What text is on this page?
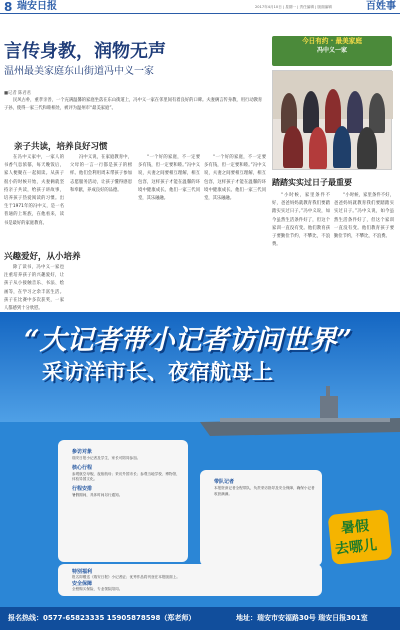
8 瑞安日报	2017年4月10日 | 星期一 | 责任编辑 | 版面编辑	百姓事
言传身教，润物无声
温州最美家庭东山街道冯中义一家
今日有约 · 最美家庭
冯中义一家
■记者 陈君君
民风古朴，重孝亲善，一个充满温馨的家庭坐落在东山街道上，冯中义一家在邻里间有着良好的口碑。夫妻俩言传身教，用行动教育子孙，使得一家三代和睦相处，被评为温州市“最美家庭”。
亲子共读，培养良好习惯

在冯中义家中，一家人的书香气息浓郁，每天晚饭后，家人便聚在一起阅读。从孩子很小的时候开始，夫妻俩就坚持亲子共读，给孩子讲故事，培养孩子热爱阅读的习惯。出生于1971年的冯中义，是一名普通的上班族，在他看来，读书是最好的家庭教育。

兴趣爱好，从小培养

除了读书，冯中义一家也注重培养孩子的兴趣爱好，让孩子从小接触音乐、书法、绘画等，在学习之余丰富生活。孩子在比赛中多次获奖，一家人都感到十分欣慰。

冯中义说，在家庭教育中，父母的一言一行都是孩子的榜样。他们会利用周末带孩子参加志愿服务活动，让孩子懂得感恩和奉献，养成良好的品德。

“一个好的家庭，不一定要多有钱，但一定要和睦。”冯中义说，夫妻之间要相互理解，相互包容，这样孩子才能在温馨的环境中健康成长。他们一家三代同堂，其乐融融。

“一个好的家庭，不一定要多有钱，但一定要和睦。”冯中义说，夫妻之间要相互理解，相互包容，这样孩子才能在温馨的环境中健康成长。他们一家三代同堂，其乐融融。

踏踏实实过日子最重要

“小时候，家里条件不好，爸爸妈妈就教育我们要踏踏实实过日子。”冯中义说，如今虽然生活条件好了，但这个家训一直没有变。他们教育孩子要勤俭节约，不攀比，不浪费。

“小时候，家里条件不好，爸爸妈妈就教育我们要踏踏实实过日子。”冯中义说，如今虽然生活条件好了，但这个家训一直没有变。他们教育孩子要勤俭节约，不攀比，不浪费。

“大记者带小记者访问世界”
采访洋市长、夜宿航母上
参访对象

瑞安日报小记者及学生，家长可陪同参加。

核心行程

参观航空母舰，夜宿航母；采访外国市长；参观当地学校、博物馆，体验异国文化。

行程安排

暑假期间，具体时间另行通知。

带队记者

本报资深记者全程带队，负责采访指导及安全保障，确保小记者收获满满。

特别福利

报名即赠送《瑞安日报》小记者证；优秀作品将刊登在本报版面上。

安全保障

全程购买保险，专业领队陪同。

暑假
去哪儿
报名热线：0577-65823335 15905878598（郑老师）	地址：瑞安市安福路30号 瑞安日报301室
